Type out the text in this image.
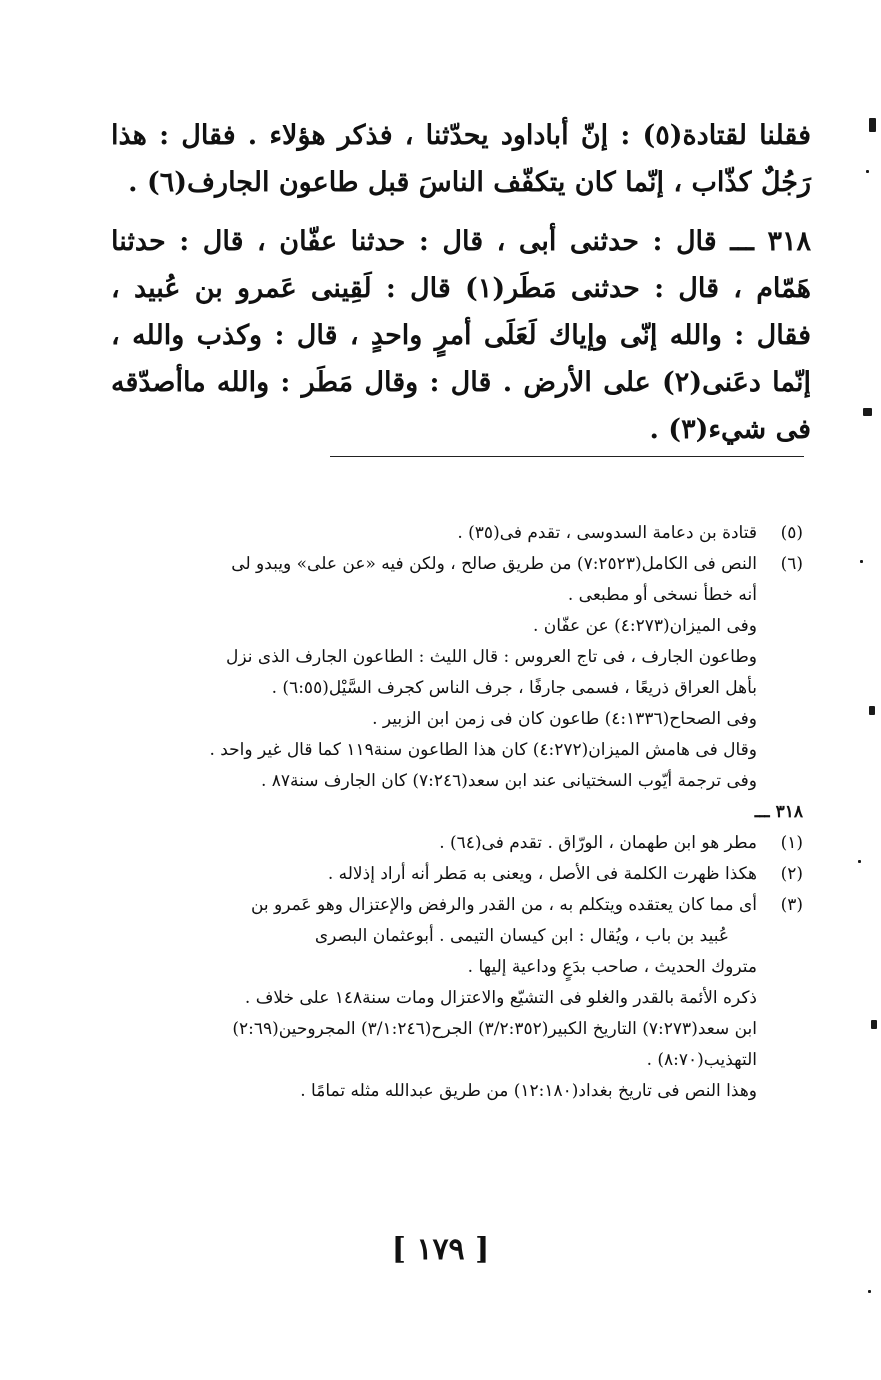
فقلنا لقتادة(٥) : إنّ أباداود يحدّثنا ، فذكر هؤلاء . فقال : هذا رَجُلٌ كذّاب ، إنّما كان يتكفّف الناسَ قبل طاعون الجارف(٦) .

٣١٨ ـــ قال : حدثنى أبى ، قال : حدثنا عفّان ، قال : حدثنا هَمّام ، قال : حدثنى مَطَر(١) قال : لَقِينى عَمرو بن عُبيد ، فقال : والله إنّى وإياك لَعَلَى أمرٍ واحدٍ ، قال : وكذب والله ، إنّما دعَنى(٢) على الأرض . قال : وقال مَطَر : والله ماأصدّقه فى شيء(٣) .

(٥)
قتادة بن دعامة السدوسى ، تقدم فى(٣٥) .
(٦)
النص فى الكامل(٧:٢٥٢٣) من طريق صالح ، ولكن فيه «عن على» ويبدو لى
أنه خطأ نسخى أو مطبعى .
وفى الميزان(٤:٢٧٣) عن عفّان .
وطاعون الجارف ، فى تاج العروس : قال الليث : الطاعون الجارف الذى نزل
بأهل العراق ذريعًا ، فسمى جارفًا ، جرف الناس كجرف السَّيْل(٦:٥٥) .
وفى الصحاح(٤:١٣٣٦) طاعون كان فى زمن ابن الزبير .
وقال فى هامش الميزان(٤:٢٧٢) كان هذا الطاعون سنة١١٩ كما قال غير واحد .
وفى ترجمة أيّوب السختيانى عند ابن سعد(٧:٢٤٦) كان الجارف سنة٨٧ .

٣١٨ ـــ

(١)
مطر هو ابن طهمان ، الورّاق . تقدم فى(٦٤) .
(٢)
هكذا ظهرت الكلمة فى الأصل ، ويعنى به مَطر أنه أراد إذلاله .
(٣)
أى مما كان يعتقده ويتكلم به ، من القدر والرفض والإعتزال وهو عَمرو بن
عُبيد بن باب ، ويُقال : ابن كيسان التيمى . أبوعثمان البصرى
متروك الحديث ، صاحب بدَعٍ وداعية إليها .
ذكره الأئمة بالقدر والغلو فى التشيّع والاعتزال ومات سنة١٤٨ على خلاف .
ابن سعد(٧:٢٧٣) التاريخ الكبير(٣/٢:٣٥٢) الجرح(٣/١:٢٤٦) المجروحين(٢:٦٩)
التهذيب(٨:٧٠) .
وهذا النص فى تاريخ بغداد(١٢:١٨٠) من طريق عبدالله مثله تمامًا .
[ ١٧٩ ]
